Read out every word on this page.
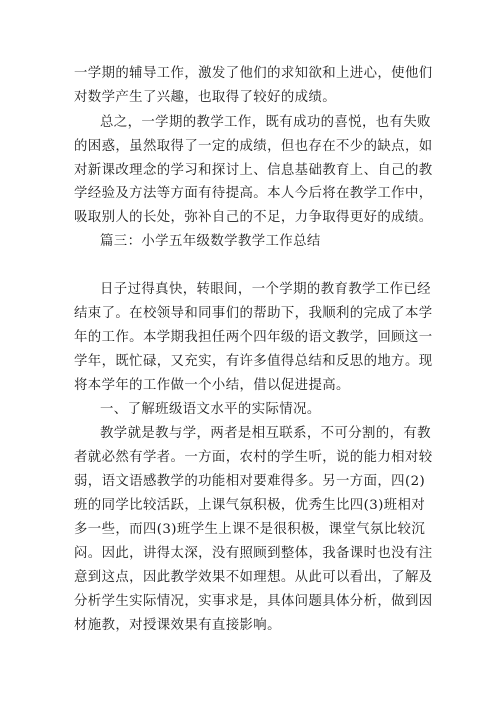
一学期的辅导工作，激发了他们的求知欲和上进心，使他们
对数学产生了兴趣，也取得了较好的成绩。
总之，一学期的教学工作，既有成功的喜悦，也有失败
的困惑，虽然取得了一定的成绩，但也存在不少的缺点，如
对新课改理念的学习和探讨上、信息基础教育上、自己的教
学经验及方法等方面有待提高。本人今后将在教学工作中，
吸取别人的长处，弥补自己的不足，力争取得更好的成绩。
篇三：小学五年级数学教学工作总结
日子过得真快，转眼间，一个学期的教育教学工作已经
结束了。在校领导和同事们的帮助下，我顺利的完成了本学
年的工作。本学期我担任两个四年级的语文教学，回顾这一
学年，既忙碌，又充实，有许多值得总结和反思的地方。现
将本学年的工作做一个小结，借以促进提高。
一、了解班级语文水平的实际情况。
教学就是教与学，两者是相互联系，不可分割的，有教
者就必然有学者。一方面，农村的学生听，说的能力相对较
弱，语文语感教学的功能相对要难得多。另一方面，四(2)
班的同学比较活跃，上课气氛积极，优秀生比四(3)班相对
多一些，而四(3)班学生上课不是很积极，课堂气氛比较沉
闷。因此，讲得太深，没有照顾到整体，我备课时也没有注
意到这点，因此教学效果不如理想。从此可以看出，了解及
分析学生实际情况，实事求是，具体问题具体分析，做到因
材施教，对授课效果有直接影响。
